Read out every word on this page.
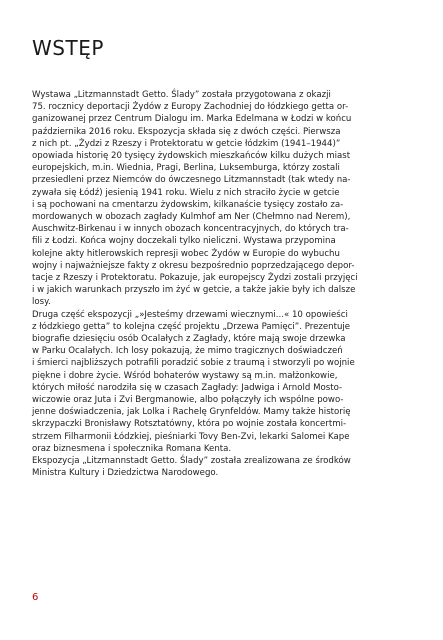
WSTĘP
Wystawa „Litzmannstadt Getto. Ślady” została przygotowana z okazji
75. rocznicy deportacji Żydów z Europy Zachodniej do łódzkiego getta or-
ganizowanej przez Centrum Dialogu im. Marka Edelmana w Łodzi w końcu
października 2016 roku. Ekspozycja składa się z dwóch części. Pierwsza
z nich pt. „Żydzi z Rzeszy i Protektoratu w getcie łódzkim (1941–1944)”
opowiada historię 20 tysięcy żydowskich mieszkańców kilku dużych miast
europejskich, m.in. Wiednia, Pragi, Berlina, Luksemburga, którzy zostali
przesiedleni przez Niemców do ówczesnego Litzmannstadt (tak wtedy na-
zywała się Łódź) jesienią 1941 roku. Wielu z nich straciło życie w getcie
i są pochowani na cmentarzu żydowskim, kilkanaście tysięcy zostało za-
mordowanych w obozach zagłady Kulmhof am Ner (Chełmno nad Nerem),
Auschwitz-Birkenau i w innych obozach koncentracyjnych, do których tra-
fili z Łodzi. Końca wojny doczekali tylko nieliczni. Wystawa przypomina
kolejne akty hitlerowskich represji wobec Żydów w Europie do wybuchu
wojny i najważniejsze fakty z okresu bezpośrednio poprzedzającego depor-
tacje z Rzeszy i Protektoratu. Pokazuje, jak europejscy Żydzi zostali przyjęci
i w jakich warunkach przyszło im żyć w getcie, a także jakie były ich dalsze
losy.
Druga część ekspozycji „»Jesteśmy drzewami wiecznymi...« 10 opowieści
z łódzkiego getta” to kolejna część projektu „Drzewa Pamięci”. Prezentuje
biografie dziesięciu osób Ocalałych z Zagłady, które mają swoje drzewka
w Parku Ocalałych. Ich losy pokazują, że mimo tragicznych doświadczeń
i śmierci najbliższych potrafili poradzić sobie z traumą i stworzyli po wojnie
piękne i dobre życie. Wśród bohaterów wystawy są m.in. małżonkowie,
których miłość narodziła się w czasach Zagłady: Jadwiga i Arnold Mosto-
wiczowie oraz Juta i Zvi Bergmanowie, albo połączyły ich wspólne powo-
jenne doświadczenia, jak Lolka i Rachelę Grynfeldów. Mamy także historię
skrzypaczki Bronisławy Rotsztatówny, która po wojnie została koncertmi-
strzem Filharmonii Łódzkiej, pieśniarki Tovy Ben-Zvi, lekarki Salomei Kape
oraz biznesmena i społecznika Romana Kenta.
Ekspozycja „Litzmannstadt Getto. Ślady” została zrealizowana ze środków
Ministra Kultury i Dziedzictwa Narodowego.
6
